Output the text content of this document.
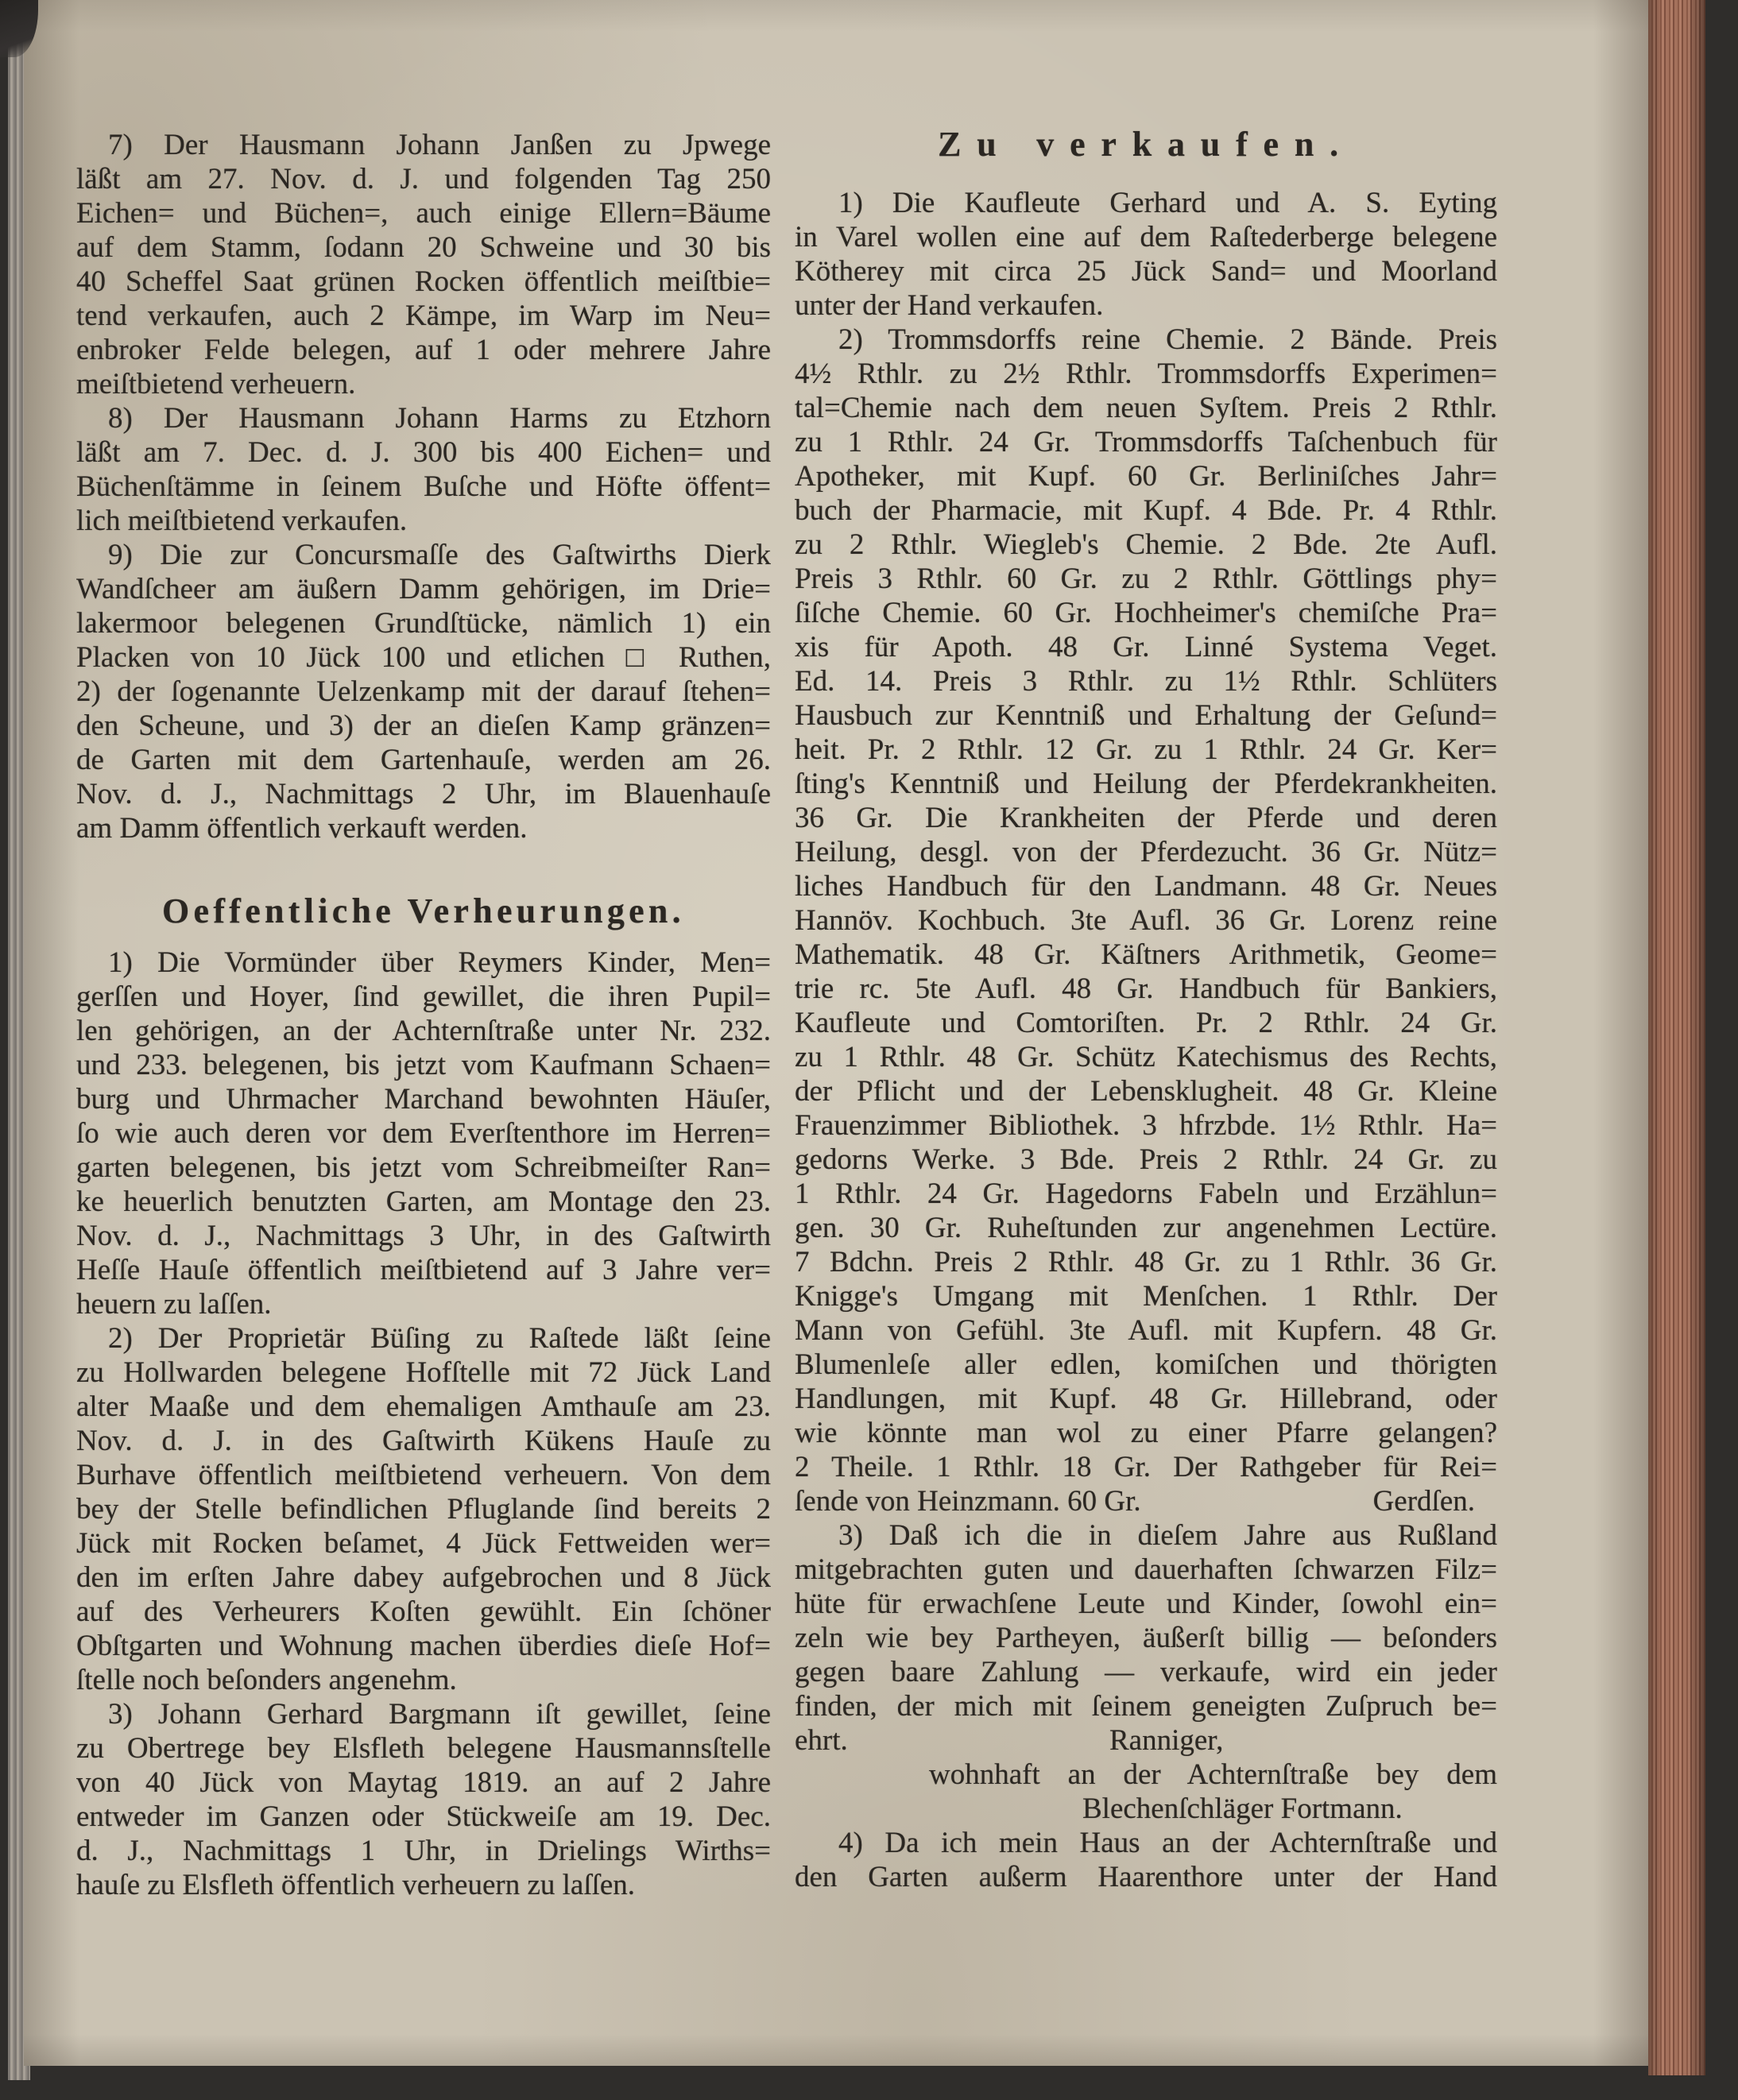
7) Der Hausmann Johann Janßen zu Jpwege
läßt am 27. Nov. d. J. und folgenden Tag 250
Eichen= und Büchen=, auch einige Ellern=Bäume
auf dem Stamm, ſodann 20 Schweine und 30 bis
40 Scheffel Saat grünen Rocken öffentlich meiſtbie=
tend verkaufen, auch 2 Kämpe, im Warp im Neu=
enbroker Felde belegen, auf 1 oder mehrere Jahre
meiſtbietend verheuern.
8) Der Hausmann Johann Harms zu Etzhorn
läßt am 7. Dec. d. J. 300 bis 400 Eichen= und
Büchenſtämme in ſeinem Buſche und Höfte öffent=
lich meiſtbietend verkaufen.
9) Die zur Concursmaſſe des Gaſtwirths Dierk
Wandſcheer am äußern Damm gehörigen, im Drie=
lakermoor belegenen Grundſtücke, nämlich 1) ein
Placken von 10 Jück 100 und etlichen □ Ruthen,
2) der ſogenannte Uelzenkamp mit der darauf ſtehen=
den Scheune, und 3) der an dieſen Kamp gränzen=
de Garten mit dem Gartenhauſe, werden am 26.
Nov. d. J., Nachmittags 2 Uhr, im Blauenhauſe
am Damm öffentlich verkauft werden.
Oeffentliche Verheurungen.
1) Die Vormünder über Reymers Kinder, Men=
gerſſen und Hoyer, ſind gewillet, die ihren Pupil=
len gehörigen, an der Achternſtraße unter Nr. 232.
und 233. belegenen, bis jetzt vom Kaufmann Schaen=
burg und Uhrmacher Marchand bewohnten Häuſer,
ſo wie auch deren vor dem Everſtenthore im Herren=
garten belegenen, bis jetzt vom Schreibmeiſter Ran=
ke heuerlich benutzten Garten, am Montage den 23.
Nov. d. J., Nachmittags 3 Uhr, in des Gaſtwirth
Heſſe Hauſe öffentlich meiſtbietend auf 3 Jahre ver=
heuern zu laſſen.
2) Der Proprietär Büſing zu Raſtede läßt ſeine
zu Hollwarden belegene Hofſtelle mit 72 Jück Land
alter Maaße und dem ehemaligen Amthauſe am 23.
Nov. d. J. in des Gaſtwirth Kükens Hauſe zu
Burhave öffentlich meiſtbietend verheuern. Von dem
bey der Stelle befindlichen Pfluglande ſind bereits 2
Jück mit Rocken beſamet, 4 Jück Fettweiden wer=
den im erſten Jahre dabey aufgebrochen und 8 Jück
auf des Verheurers Koſten gewühlt. Ein ſchöner
Obſtgarten und Wohnung machen überdies dieſe Hof=
ſtelle noch beſonders angenehm.
3) Johann Gerhard Bargmann iſt gewillet, ſeine
zu Obertrege bey Elsfleth belegene Hausmannsſtelle
von 40 Jück von Maytag 1819. an auf 2 Jahre
entweder im Ganzen oder Stückweiſe am 19. Dec.
d. J., Nachmittags 1 Uhr, in Drielings Wirths=
hauſe zu Elsfleth öffentlich verheuern zu laſſen.
Zu verkaufen.
1) Die Kaufleute Gerhard und A. S. Eyting
in Varel wollen eine auf dem Raſtederberge belegene
Kötherey mit circa 25 Jück Sand= und Moorland
unter der Hand verkaufen.
2) Trommsdorffs reine Chemie. 2 Bände. Preis
4½ Rthlr. zu 2½ Rthlr. Trommsdorffs Experimen=
tal=Chemie nach dem neuen Syſtem. Preis 2 Rthlr.
zu 1 Rthlr. 24 Gr. Trommsdorffs Taſchenbuch für
Apotheker, mit Kupf. 60 Gr. Berliniſches Jahr=
buch der Pharmacie, mit Kupf. 4 Bde. Pr. 4 Rthlr.
zu 2 Rthlr. Wiegleb's Chemie. 2 Bde. 2te Aufl.
Preis 3 Rthlr. 60 Gr. zu 2 Rthlr. Göttlings phy=
ſiſche Chemie. 60 Gr. Hochheimer's chemiſche Pra=
xis für Apoth. 48 Gr. Linné Systema Veget.
Ed. 14. Preis 3 Rthlr. zu 1½ Rthlr. Schlüters
Hausbuch zur Kenntniß und Erhaltung der Geſund=
heit. Pr. 2 Rthlr. 12 Gr. zu 1 Rthlr. 24 Gr. Ker=
ſting's Kenntniß und Heilung der Pferdekrankheiten.
36 Gr. Die Krankheiten der Pferde und deren
Heilung, desgl. von der Pferdezucht. 36 Gr. Nütz=
liches Handbuch für den Landmann. 48 Gr. Neues
Hannöv. Kochbuch. 3te Aufl. 36 Gr. Lorenz reine
Mathematik. 48 Gr. Käſtners Arithmetik, Geome=
trie rc. 5te Aufl. 48 Gr. Handbuch für Bankiers,
Kaufleute und Comtoriſten. Pr. 2 Rthlr. 24 Gr.
zu 1 Rthlr. 48 Gr. Schütz Katechismus des Rechts,
der Pflicht und der Lebensklugheit. 48 Gr. Kleine
Frauenzimmer Bibliothek. 3 hfrzbde. 1½ Rthlr. Ha=
gedorns Werke. 3 Bde. Preis 2 Rthlr. 24 Gr. zu
1 Rthlr. 24 Gr. Hagedorns Fabeln und Erzählun=
gen. 30 Gr. Ruheſtunden zur angenehmen Lectüre.
7 Bdchn. Preis 2 Rthlr. 48 Gr. zu 1 Rthlr. 36 Gr.
Knigge's Umgang mit Menſchen. 1 Rthlr. Der
Mann von Gefühl. 3te Aufl. mit Kupfern. 48 Gr.
Blumenleſe aller edlen, komiſchen und thörigten
Handlungen, mit Kupf. 48 Gr. Hillebrand, oder
wie könnte man wol zu einer Pfarre gelangen?
2 Theile. 1 Rthlr. 18 Gr. Der Rathgeber für Rei=
ſende von Heinzmann. 60 Gr.	Gerdſen.
3) Daß ich die in dieſem Jahre aus Rußland
mitgebrachten guten und dauerhaften ſchwarzen Filz=
hüte für erwachſene Leute und Kinder, ſowohl ein=
zeln wie bey Partheyen, äußerſt billig — beſonders
gegen baare Zahlung — verkaufe, wird ein jeder
finden, der mich mit ſeinem geneigten Zuſpruch be=
ehrt.	Ranniger,
wohnhaft an der Achternſtraße bey dem
Blechenſchläger Fortmann.
4) Da ich mein Haus an der Achternſtraße und
den Garten außerm Haarenthore unter der Hand
